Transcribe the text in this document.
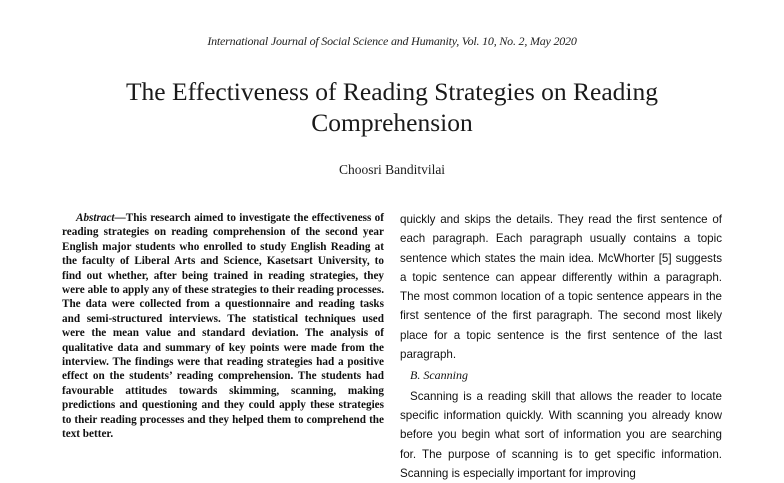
International Journal of Social Science and Humanity, Vol. 10, No. 2, May 2020
The Effectiveness of Reading Strategies on Reading Comprehension
Choosri Banditvilai

Abstract—This research aimed to investigate the effectiveness of reading strategies on reading comprehension of the second year English major students who enrolled to study English Reading at the faculty of Liberal Arts and Science, Kasetsart University, to find out whether, after being trained in reading strategies, they were able to apply any of these strategies to their reading processes. The data were collected from a questionnaire and reading tasks and semi-structured interviews. The statistical techniques used were the mean value and standard deviation. The analysis of qualitative data and summary of key points were made from the interview. The findings were that reading strategies had a positive effect on the students’ reading comprehension. The students had favourable attitudes towards skimming, scanning, making predictions and questioning and they could apply these strategies to their reading processes and they helped them to comprehend the text better.

quickly and skips the details. They read the first sentence of each paragraph. Each paragraph usually contains a topic sentence which states the main idea. McWhorter [5] suggests a topic sentence can appear differently within a paragraph. The most common location of a topic sentence appears in the first sentence of the first paragraph. The second most likely place for a topic sentence is the first sentence of the last paragraph.

B. Scanning

Scanning is a reading skill that allows the reader to locate specific information quickly. With scanning you already know before you begin what sort of information you are searching for. The purpose of scanning is to get specific information. Scanning is especially important for improving
